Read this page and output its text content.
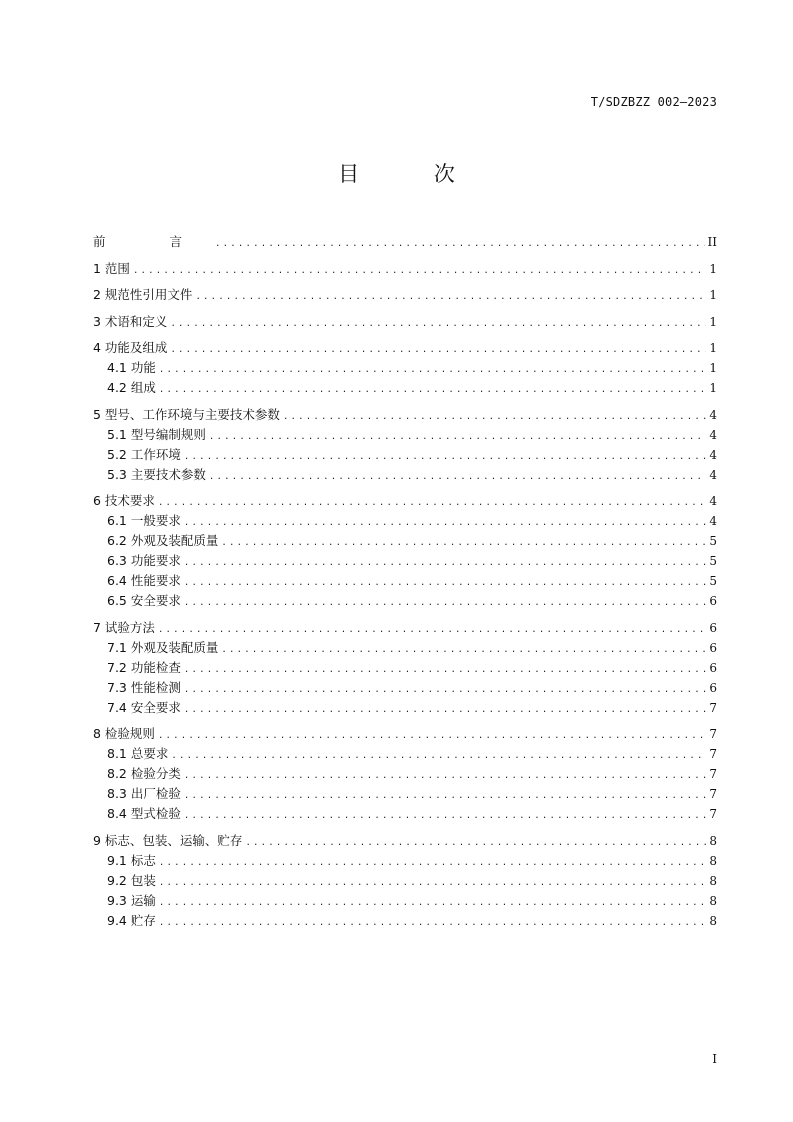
T/SDZBZZ 002—2023
目 次
前 言 .....	II
1 范围 .....	1
2 规范性引用文件 .....	1
3 术语和定义 .....	1
4 功能及组成 .....	1
4.1 功能 .....	1
4.2 组成 .....	1
5 型号、工作环境与主要技术参数 .....	4
5.1 型号编制规则 .....	4
5.2 工作环境 .....	4
5.3 主要技术参数 .....	4
6 技术要求 .....	4
6.1 一般要求 .....	4
6.2 外观及装配质量 .....	5
6.3 功能要求 .....	5
6.4 性能要求 .....	5
6.5 安全要求 .....	6
7 试验方法 .....	6
7.1 外观及装配质量 .....	6
7.2 功能检查 .....	6
7.3 性能检测 .....	6
7.4 安全要求 .....	7
8 检验规则 .....	7
8.1 总要求 .....	7
8.2 检验分类 .....	7
8.3 出厂检验 .....	7
8.4 型式检验 .....	7
9 标志、包装、运输、贮存 .....	8
9.1 标志 .....	8
9.2 包装 .....	8
9.3 运输 .....	8
9.4 贮存 .....	8
I
